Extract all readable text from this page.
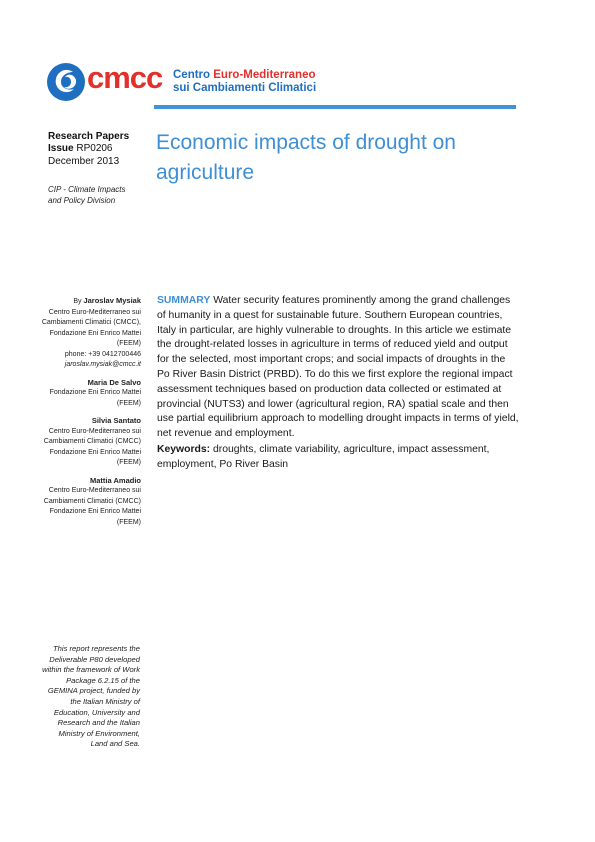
cmcc Centro Euro-Mediterraneo
sui Cambiamenti Climatici
Research Papers
Issue RP0206
December 2013
CIP - Climate Impacts
and Policy Division
Economic impacts of drought on agriculture
By Jaroslav Mysiak
Centro Euro-Mediterraneo sui
Cambiamenti Climatici (CMCC),
Fondazione Eni Enrico Mattei
(FEEM)
phone: +39 0412700446
jaroslav.mysiak@cmcc.it
Maria De Salvo
Fondazione Eni Enrico Mattei
(FEEM)
Silvia Santato
Centro Euro-Mediterraneo sui
Cambiamenti Climatici (CMCC)
Fondazione Eni Enrico Mattei
(FEEM)
Mattia Amadio
Centro Euro-Mediterraneo sui
Cambiamenti Climatici (CMCC)
Fondazione Eni Enrico Mattei
(FEEM)
SUMMARY Water security features prominently among the grand challenges of humanity in a quest for sustainable future. Southern European countries, Italy in particular, are highly vulnerable to droughts. In this article we estimate the drought-related losses in agriculture in terms of reduced yield and output for the selected, most important crops; and social impacts of droughts in the Po River Basin District (PRBD). To do this we first explore the regional impact assessment techniques based on production data collected or estimated at provincial (NUTS3) and lower (agricultural region, RA) spatial scale and then use partial equilibrium approach to modelling drought impacts in terms of yield, net revenue and employment.
Keywords: droughts, climate variability, agriculture, impact assessment, employment, Po River Basin
This report represents the Deliverable P80 developed within the framework of Work Package 6.2.15 of the GEMINA project, funded by the Italian Ministry of Education, University and Research and the Italian Ministry of Environment, Land and Sea.
